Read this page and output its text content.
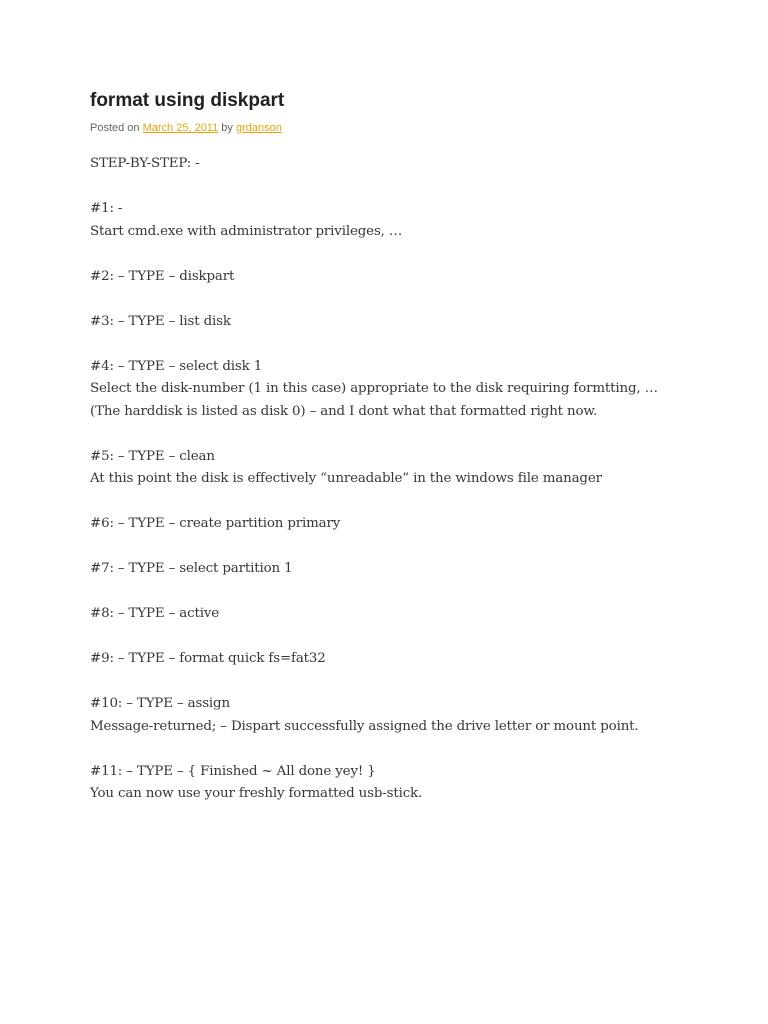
format using diskpart
Posted on March 25, 2011 by grdanson

STEP-BY-STEP: -

#1: -
Start cmd.exe with administrator privileges, …

#2: – TYPE – diskpart

#3: – TYPE – list disk

#4: – TYPE – select disk 1
Select the disk-number (1 in this case) appropriate to the disk requiring formtting, …
(The harddisk is listed as disk 0) – and I dont what that formatted right now.

#5: – TYPE – clean
At this point the disk is effectively “unreadable” in the windows file manager

#6: – TYPE – create partition primary

#7: – TYPE – select partition 1

#8: – TYPE – active

#9: – TYPE – format quick fs=fat32

#10: – TYPE – assign
Message-returned; – Dispart successfully assigned the drive letter or mount point.

#11: – TYPE – { Finished ~ All done yey! }
You can now use your freshly formatted usb-stick.
